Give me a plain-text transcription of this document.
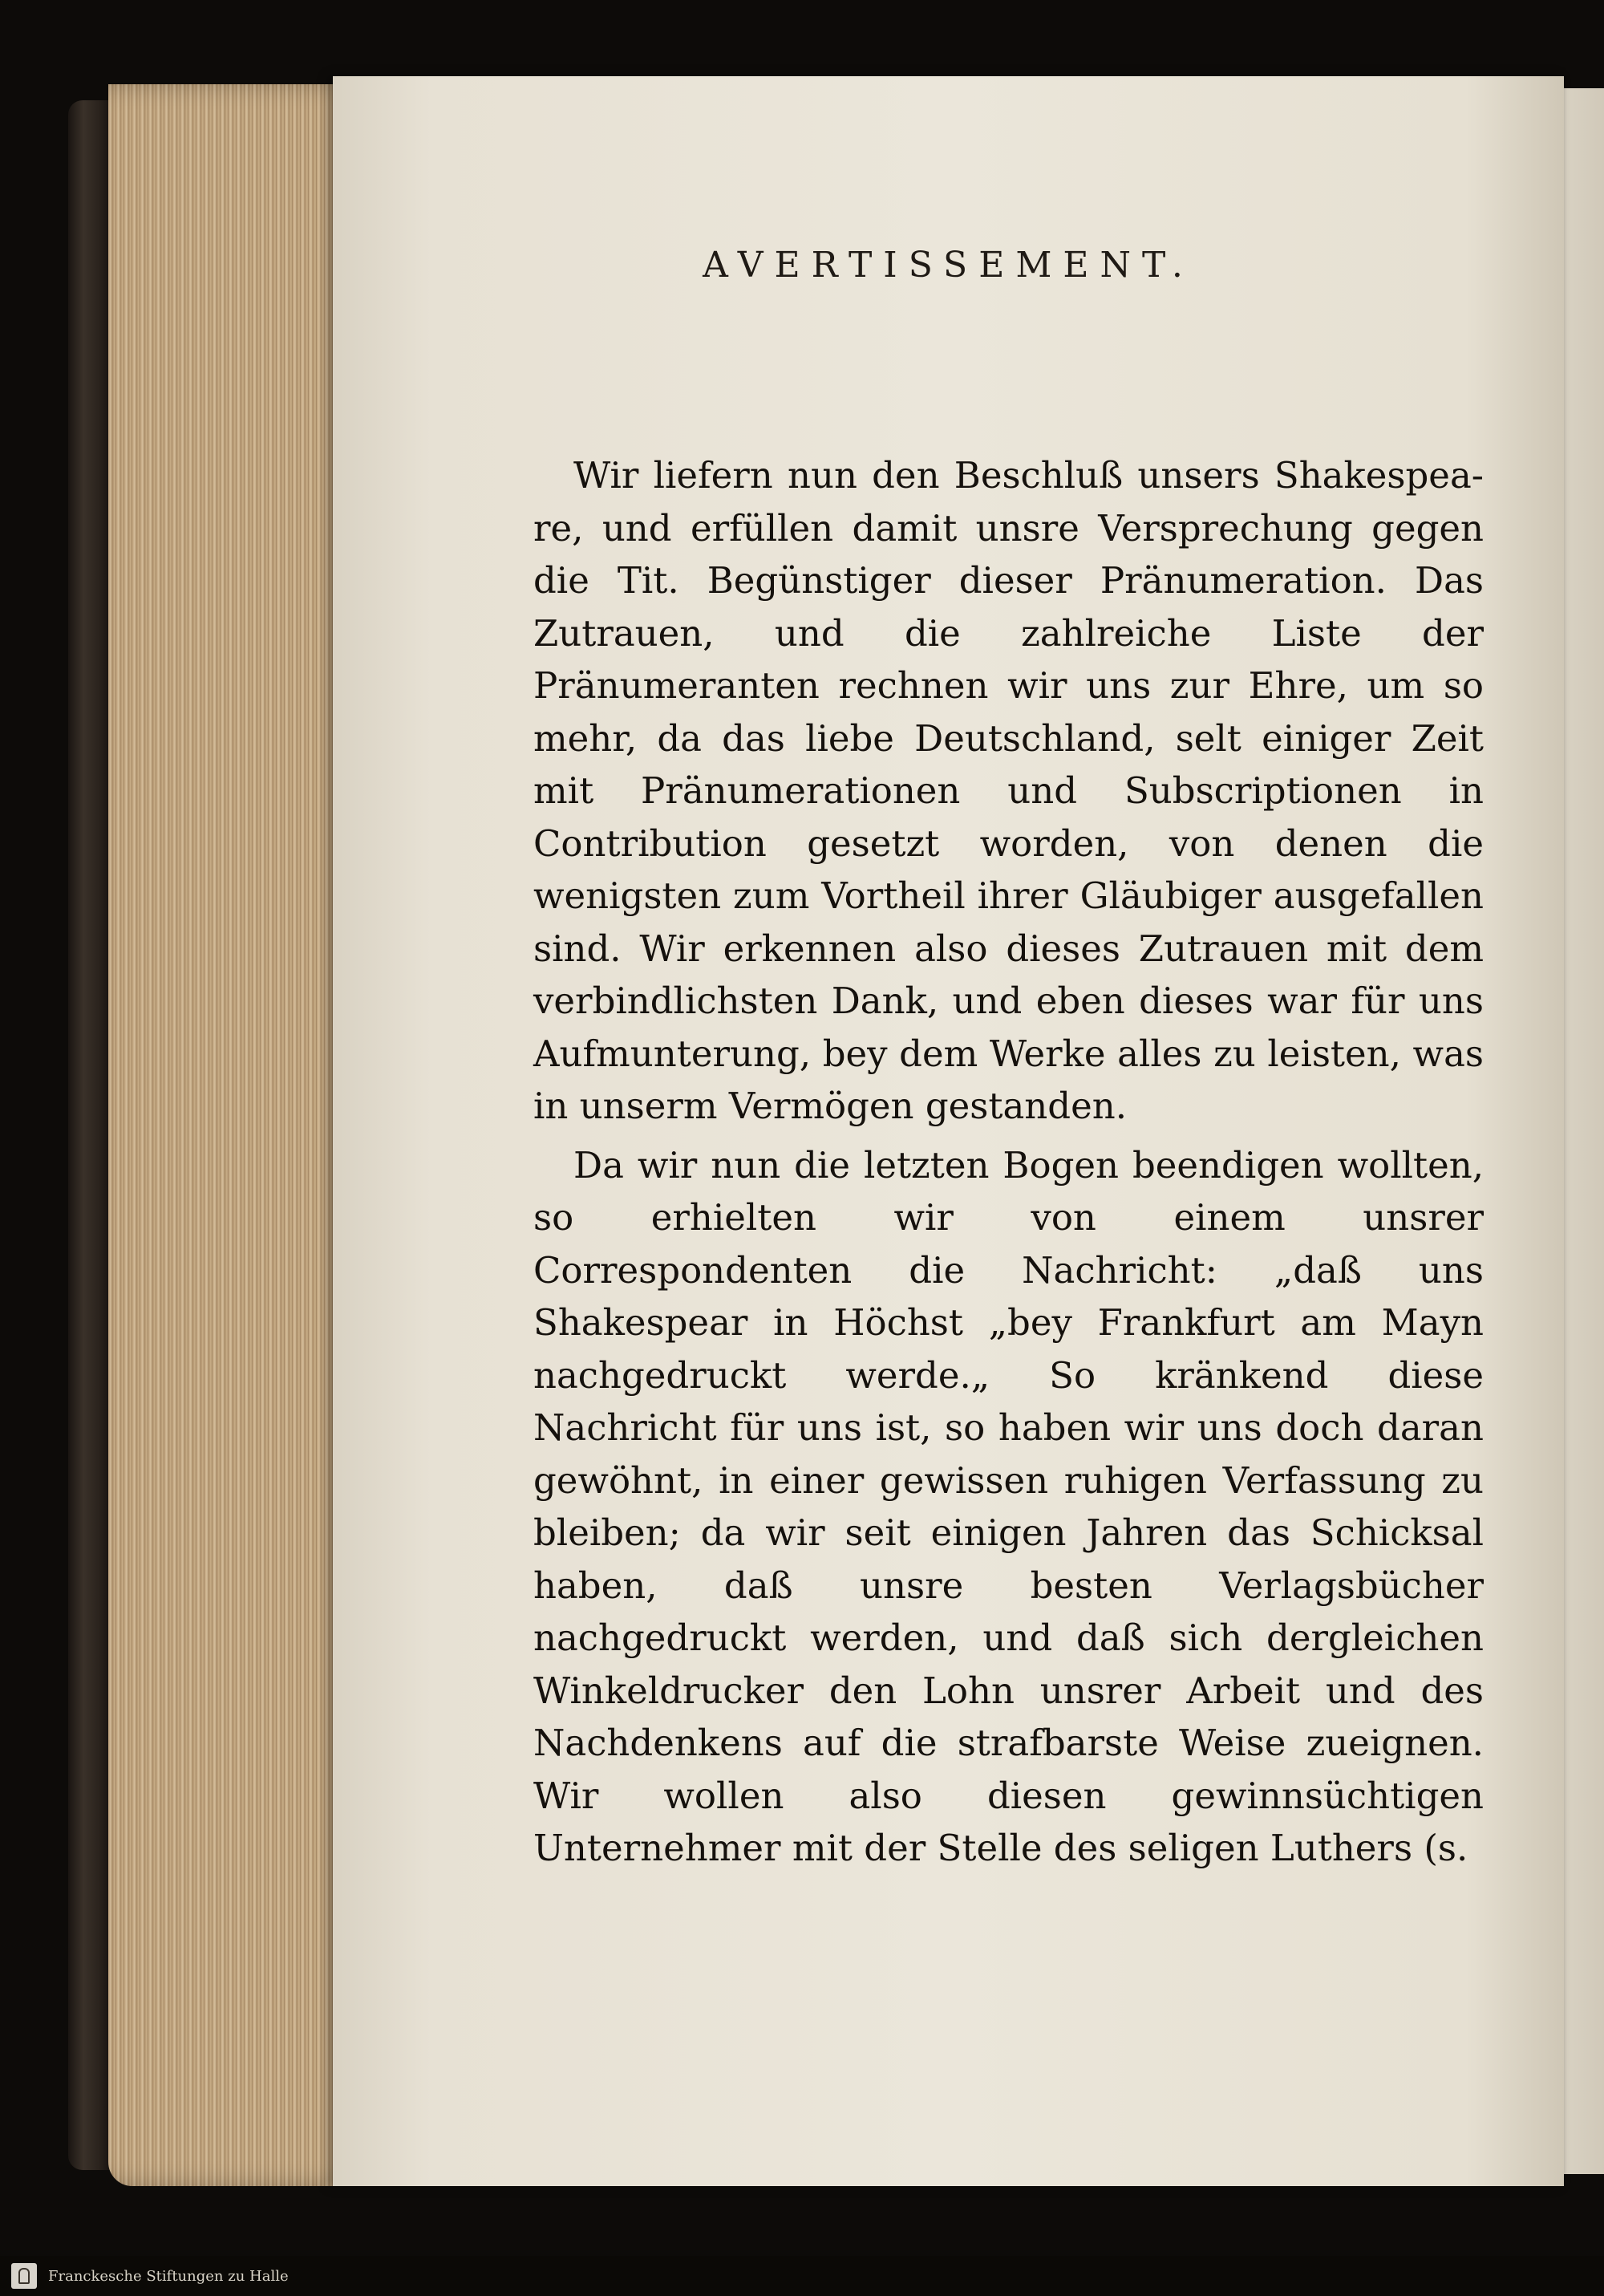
AVERTISSEMENT.

Wir liefern nun den Beschluß unsers Shakespeare, und erfüllen damit unsre Versprechung gegen die Tit. Begünstiger dieser Pränumeration. Das Zutrauen, und die zahlreiche Liste der Pränumeranten rechnen wir uns zur Ehre, um so mehr, da das liebe Deutschland, selt einiger Zeit mit Pränumerationen und Subscriptionen in Contribution gesetzt worden, von denen die wenigsten zum Vortheil ihrer Gläubiger ausgefallen sind. Wir erkennen also dieses Zutrauen mit dem verbindlichsten Dank, und eben dieses war für uns Aufmunterung, bey dem Werke alles zu leisten, was in unserm Vermögen gestanden.

Da wir nun die letzten Bogen beendigen wollten, so erhielten wir von einem unsrer Correspondenten die Nachricht: „daß uns Shakespear in Höchst „bey Frankfurt am Mayn nachgedruckt werde.„ So kränkend diese Nachricht für uns ist, so haben wir uns doch daran gewöhnt, in einer gewissen ruhigen Verfassung zu bleiben; da wir seit einigen Jahren das Schicksal haben, daß unsre besten Verlagsbücher nachgedruckt werden, und daß sich dergleichen Winkeldrucker den Lohn unsrer Arbeit und des Nachdenkens auf die strafbarste Weise zueignen. Wir wollen also diesen gewinnsüchtigen Unternehmer mit der Stelle des seligen Luthers (s.

Franckesche Stiftungen zu Halle
